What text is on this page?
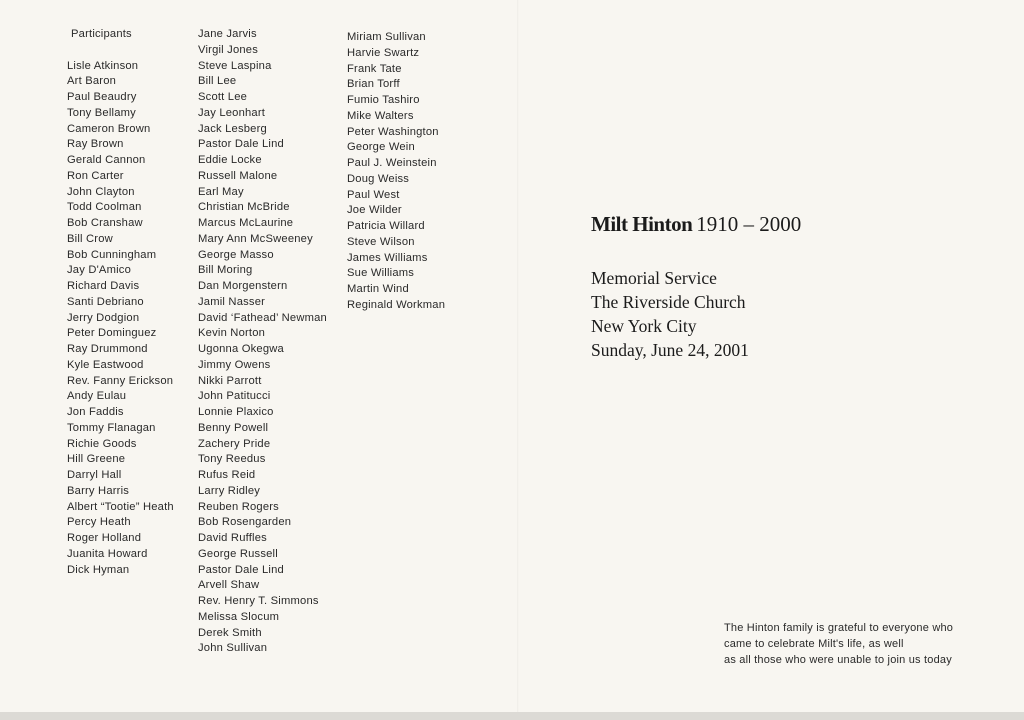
Participants
Lisle Atkinson
Art Baron
Paul Beaudry
Tony Bellamy
Cameron Brown
Ray Brown
Gerald Cannon
Ron Carter
John Clayton
Todd Coolman
Bob Cranshaw
Bill Crow
Bob Cunningham
Jay D'Amico
Richard Davis
Santi Debriano
Jerry Dodgion
Peter Dominguez
Ray Drummond
Kyle Eastwood
Rev. Fanny Erickson
Andy Eulau
Jon Faddis
Tommy Flanagan
Richie Goods
Hill Greene
Darryl Hall
Barry Harris
Albert “Tootie” Heath
Percy Heath
Roger Holland
Juanita Howard
Dick Hyman
Jane Jarvis
Virgil Jones
Steve Laspina
Bill Lee
Scott Lee
Jay Leonhart
Jack Lesberg
Pastor Dale Lind
Eddie Locke
Russell Malone
Earl May
Christian McBride
Marcus McLaurine
Mary Ann McSweeney
George Masso
Bill Moring
Dan Morgenstern
Jamil Nasser
David ‘Fathead’ Newman
Kevin Norton
Ugonna Okegwa
Jimmy Owens
Nikki Parrott
John Patitucci
Lonnie Plaxico
Benny Powell
Zachery Pride
Tony Reedus
Rufus Reid
Larry Ridley
Reuben Rogers
Bob Rosengarden
David Ruffles
George Russell
Pastor Dale Lind
Arvell Shaw
Rev. Henry T. Simmons
Melissa Slocum
Derek Smith
John Sullivan
Miriam Sullivan
Harvie Swartz
Frank Tate
Brian Torff
Fumio Tashiro
Mike Walters
Peter Washington
George Wein
Paul J. Weinstein
Doug Weiss
Paul West
Joe Wilder
Patricia Willard
Steve Wilson
James Williams
Sue Williams
Martin Wind
Reginald Workman
Milt Hinton 1910 – 2000
Memorial Service
The Riverside Church
New York City
Sunday, June 24, 2001
The Hinton family is grateful to everyone who
came to celebrate Milt's life, as well
as all those who were unable to join us today
